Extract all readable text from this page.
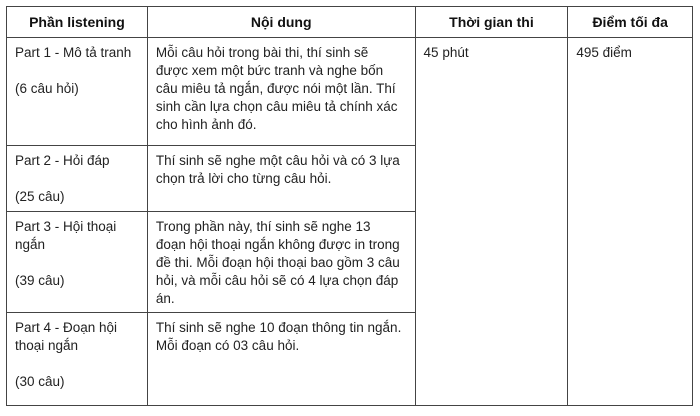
Phần listening	Nội dung	Thời gian thi	Điểm tối đa

Part 1 - Mô tả tranh
(6 câu hỏi)	Mỗi câu hỏi trong bài thi, thí sinh sẽ được xem một bức tranh và nghe bốn câu miêu tả ngắn, được nói một lần. Thí sinh cần lựa chọn câu miêu tả chính xác cho hình ảnh đó.	45 phút	495 điểm

Part 2 - Hỏi đáp
(25 câu)	Thí sinh sẽ nghe một câu hỏi và có 3 lựa chọn trả lời cho từng câu hỏi.		

Part 3 - Hội thoại ngắn
(39 câu)	Trong phần này, thí sinh sẽ nghe 13 đoạn hội thoại ngắn không được in trong đề thi. Mỗi đoạn hội thoại bao gồm 3 câu hỏi, và mỗi câu hỏi sẽ có 4 lựa chọn đáp án.		

Part 4 - Đoạn hội thoại ngắn
(30 câu)	Thí sinh sẽ nghe 10 đoạn thông tin ngắn. Mỗi đoạn có 03 câu hỏi.		
